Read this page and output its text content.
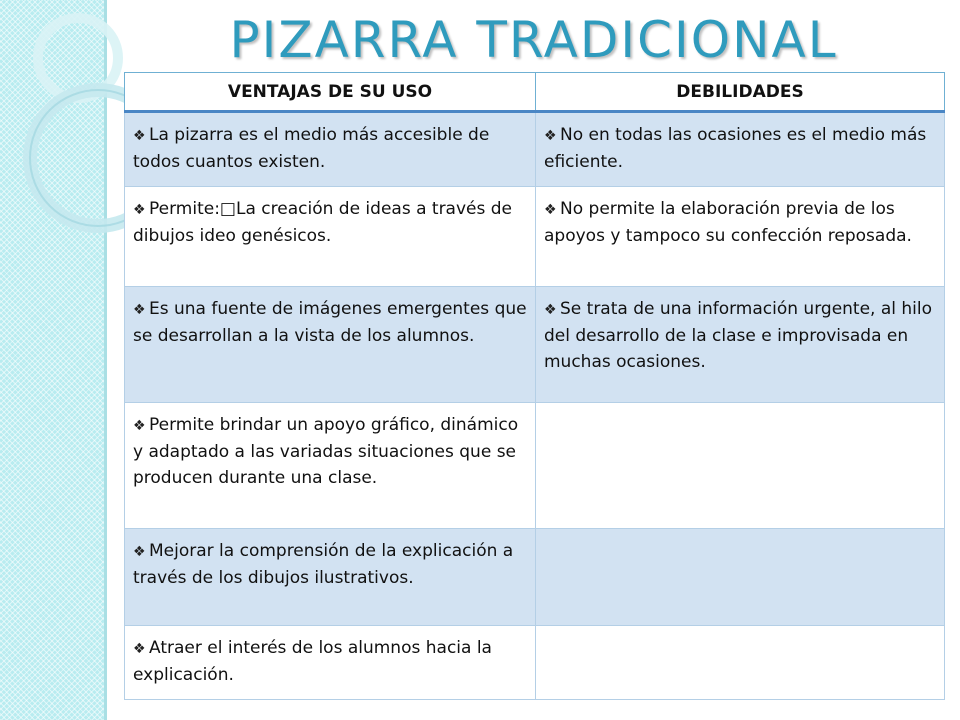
PIZARRA TRADICIONAL
VENTAJAS DE SU USO	DEBILIDADES
❖ La pizarra es el medio más accesible de todos cuantos existen.	❖ No en todas las ocasiones es el medio más eficiente.
❖ Permite:□La creación de ideas a través de dibujos ideo genésicos.	❖ No permite la elaboración previa de los apoyos y tampoco su confección reposada.
❖ Es una fuente de imágenes emergentes que se desarrollan a la vista de los alumnos.	❖ Se trata de una información urgente, al hilo del desarrollo de la clase e improvisada en muchas ocasiones.
❖ Permite brindar un apoyo gráfico, dinámico y adaptado a las variadas situaciones que se producen durante una clase.	
❖ Mejorar la comprensión de la explicación a través de los dibujos ilustrativos.	
❖ Atraer el interés de los alumnos hacia la explicación.	
